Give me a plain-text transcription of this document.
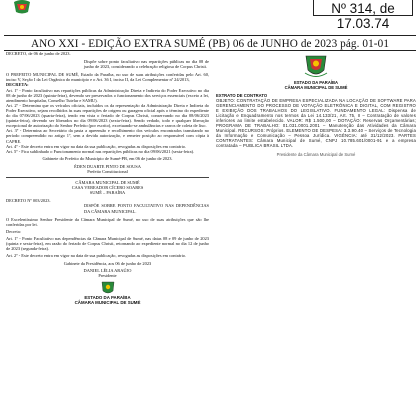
Nº 314, de 17.03.74
ANO XXI - EDIÇÃO EXTRA SUMÉ (PB) 06 de JUNHO de 2023 pág. 01-01

DECRETO, de 06 de junho de 2023.

Dispõe sobre ponto facultativo nas repartições públicas no dia 08 de junho de 2023, considerando a celebração religiosa de Corpus Christi.

O PREFEITO MUNICIPAL DE SUMÉ, Estado da Paraíba, no uso de suas atribuições conferidas pelo Art. 60, inciso V, Seção I da Lei Orgânica do município e o Art. 36 I, inciso II, da Lei Complementar nº 24/2013,

DECRETA:

Art. 1º - Ponto facultativo nas repartições públicas da Administração Direta e Indireta do Poder Executivo no dia 08 de junho de 2023 (quinta-feira), devendo ser preservados o funcionamento dos serviços essenciais (exceto a lei, atendimento hospitalar, Conselho Tutelar e SAMU).

Art. 2º - Determina que os veículos oficiais, incluídos os da representação da Administração Direta e Indireta do Poder Executivo, sejam recolhidos às suas repartições de origem ou garagem oficial após o término do expediente do dia 07/06/2023 (quarta-feira), tendo em vista o feriado de Corpus Christi, conservando no dia 08/06/2023 (quinta-feira), devendo ser liberados no dia 09/06/2023 (sexta-feira). Sendo vedado, todo e qualquer liberação excepcional de autorização do Senhor Prefeito (por escrito), excetuando-se ambulâncias e carros de coleta de lixo.

Art. 3º - Determina ao Secretário da pasta a apreensão e recolhimento dos veículos encontrados transitando no período compreendido no artigo 1º, sem a devida autorização, e remeter posição ao responsável com cópia à CAPRE.

Art. 4º - Este decreto entra em vigor na data da sua publicação, revogadas as disposições em contrário.

Art. 5º - Fica sublinhado o Funcionamento normal nas repartições públicas no dia 09/06/2021 (sexta-feira).

Gabinete do Prefeito do Município de Sumé-PB, em 06 de junho de 2023.

ÉDEN DUARTE PINTO DE SOUSA

Prefeito Constitucional

CÂMARA MUNICIPAL DE SUMÉ

CASA VEREADOR CÍCERO SOARES

SUMÉ – PARAÍBA

DECRETO Nº 003/2023.

DISPÕE SOBRE PONTO FACULTATIVO NAS DEPENDÊNCIAS DA CÂMARA MUNICIPAL.

O Excelentíssimo Senhor Presidente da Câmara Municipal de Sumé, no uso de suas atribuições que são lhe conferidas por lei.

Decreta:

Art. 1º - Ponto Facultativo nas dependências da Câmara Municipal de Sumé, nas datas 08 e 09 de junho de 2023 (quinta e sexta-feira), em razão do feriado de Corpus Christi, retornando ao expediente normal no dia 12 de junho de 2023 (segunda-feira).

Art. 2º - Este decreto entra em vigor na data de sua publicação, revogadas as disposições em contrário.

Gabinete da Presidência, aos 06 de junho de 2023

DANIEL LÉLIA ARAÚJO

Presidente

ESTADO DA PARAÍBA

CÂMARA MUNICIPAL DE SUMÉ

ESTADO DA PARAÍBA

CÂMARA MUNICIPAL DE SUMÉ

EXTRATO DE CONTRATO

OBJETO: CONTRATAÇÃO DE EMPRESA ESPECIALIZADA NA LOCAÇÃO DE SOFTWARE PARA GERENCIAMENTO DO PROCESSO DE VOTAÇÃO ELETRÔNICA E DIGITAL, COM REGISTRO E EXIBIÇÃO DOS TRABALHOS DO LEGISLATIVO. FUNDAMENTO LEGAL: Dispensa de Licitação e Enquadramento nos termos da Lei 14.133/21, Art. 75, II – Contratação de valores inferiores ao limite estabelecido. VALOR: R$ 1.500,00 – DOTAÇÃO: Reservas Orçamentárias; PROGRAMA DE TRABALHO: 01.031.0001.2001 – Manutenção das Atividades da Câmara Municipal. RECURSOS: Próprios. ELEMENTO DE DESPESA: 3.3.90.40 – Serviços de Tecnologia da Informação e Comunicação – Pessoa Jurídica. VIGÊNCIA: até 31/12/2023. PARTES CONTRATANTES: Câmara Municipal de Sumé, CNPJ 10.785.601/0001-91 e a empresa contratada – PUBLICA BRASIL LTDA.

Presidente da Câmara Municipal de Sumé
